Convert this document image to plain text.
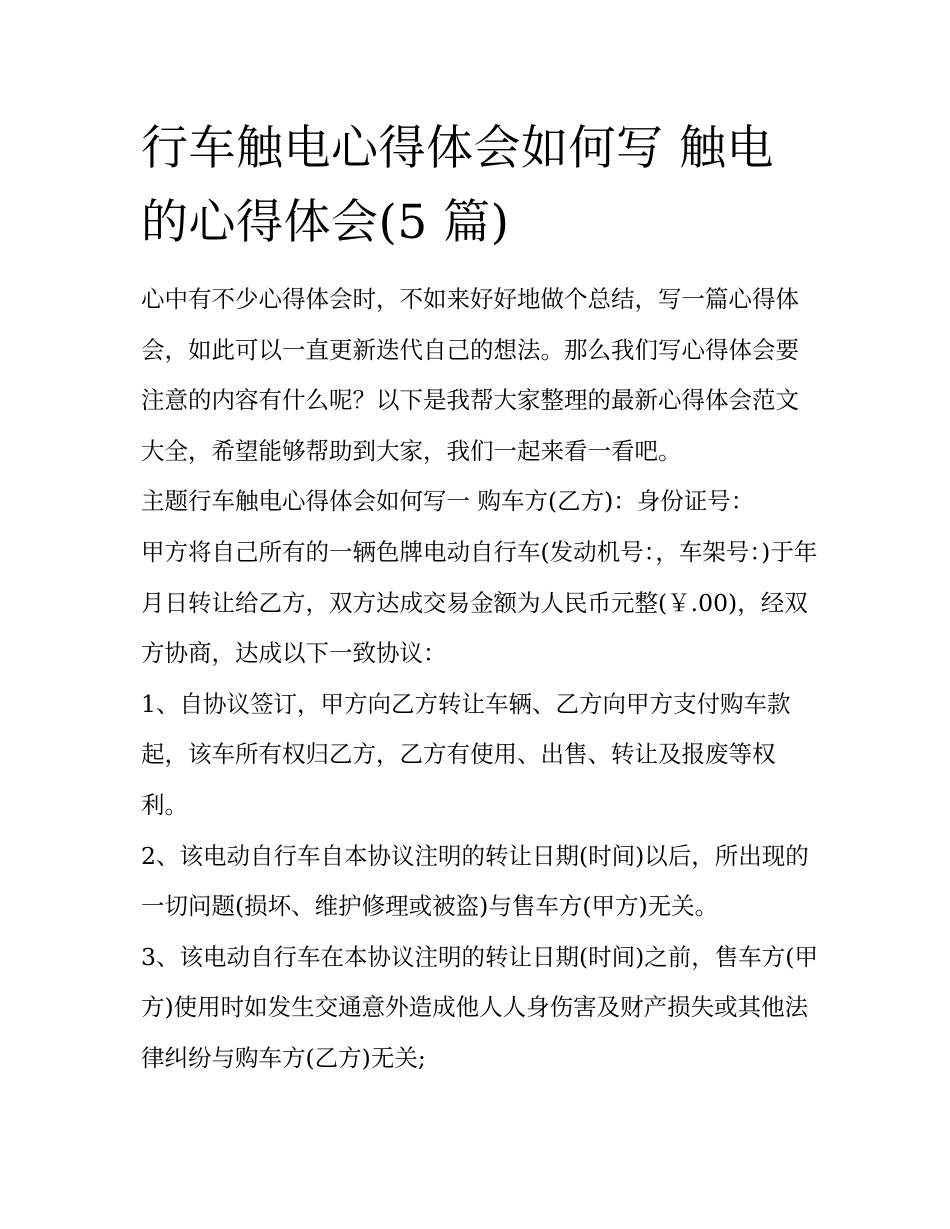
行车触电心得体会如何写 触电的心得体会(5 篇)

心中有不少心得体会时，不如来好好地做个总结，写一篇心得体会，如此可以一直更新迭代自己的想法。那么我们写心得体会要注意的内容有什么呢？以下是我帮大家整理的最新心得体会范文大全，希望能够帮助到大家，我们一起来看一看吧。

主题行车触电心得体会如何写一 购车方(乙方)：身份证号：

甲方将自己所有的一辆色牌电动自行车(发动机号：，车架号：)于年月日转让给乙方，双方达成交易金额为人民币元整(￥.00)，经双方协商，达成以下一致协议：

1、自协议签订，甲方向乙方转让车辆、乙方向甲方支付购车款起，该车所有权归乙方，乙方有使用、出售、转让及报废等权利。

2、该电动自行车自本协议注明的转让日期(时间)以后，所出现的一切问题(损坏、维护修理或被盗)与售车方(甲方)无关。

3、该电动自行车在本协议注明的转让日期(时间)之前，售车方(甲方)使用时如发生交通意外造成他人人身伤害及财产损失或其他法律纠纷与购车方(乙方)无关;
